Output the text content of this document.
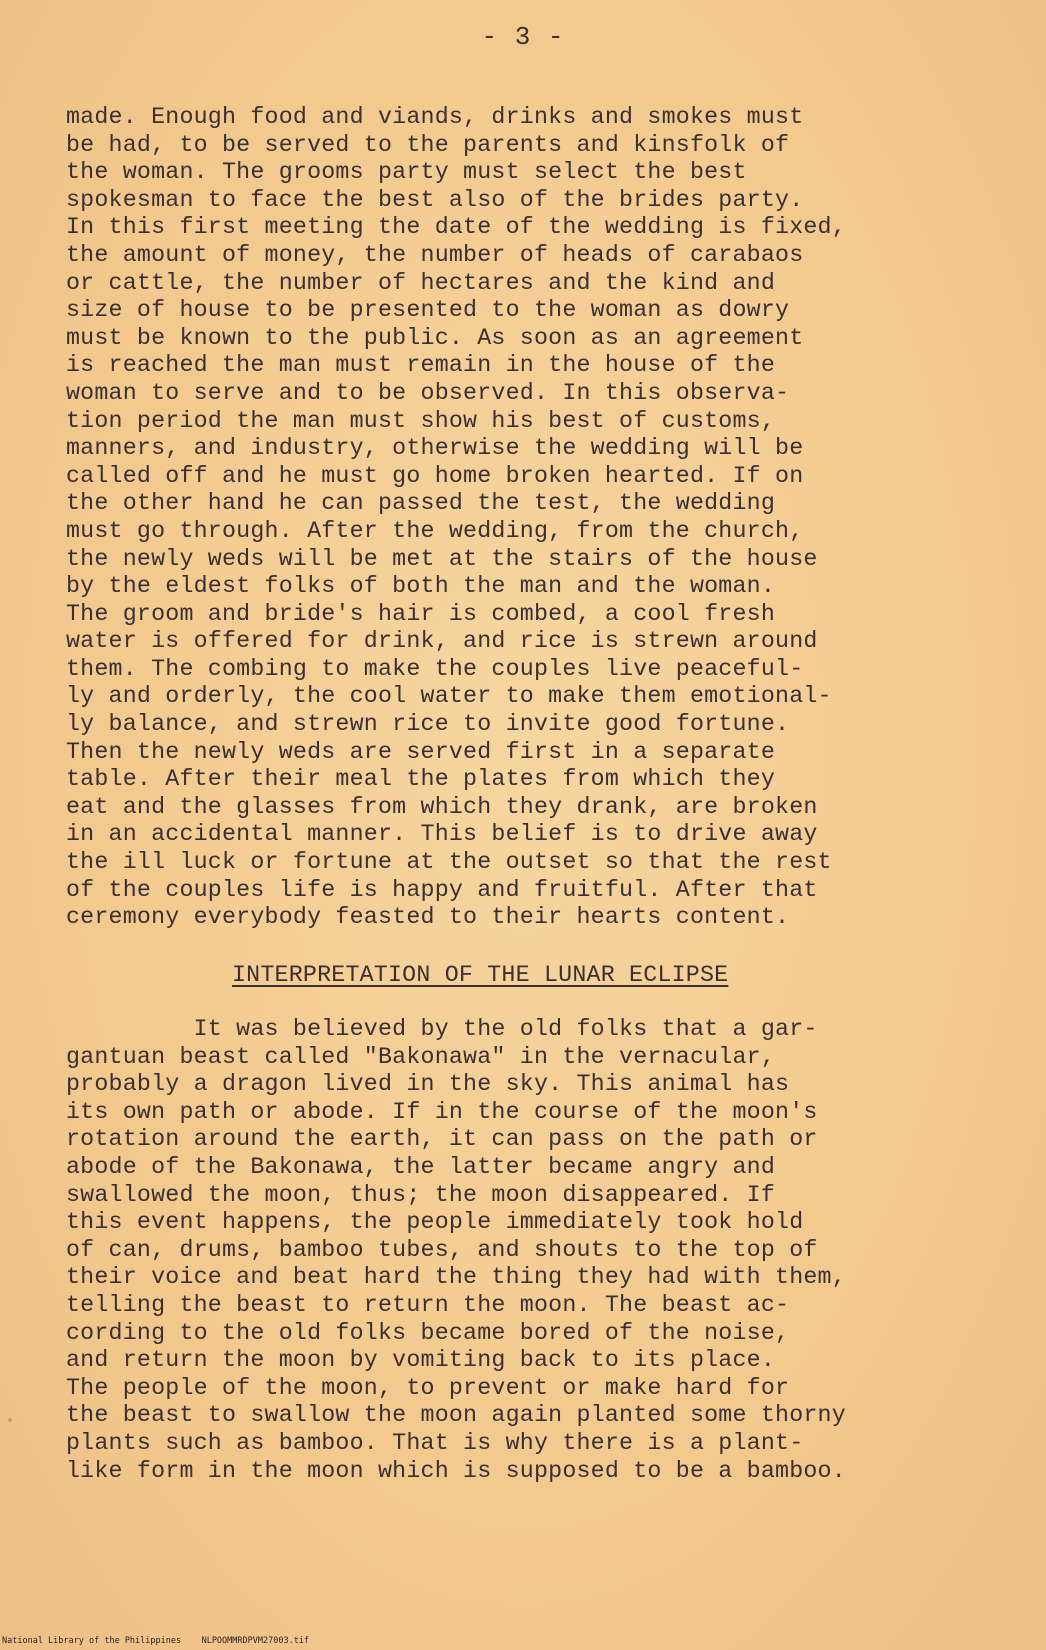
- 3 -
made. Enough food and viands, drinks and smokes must
be had, to be served to the parents and kinsfolk of
the woman. The grooms party must select the best
spokesman to face the best also of the brides party.
In this first meeting the date of the wedding is fixed,
the amount of money, the number of heads of carabaos
or cattle, the number of hectares and the kind and
size of house to be presented to the woman as dowry
must be known to the public. As soon as an agreement
is reached the man must remain in the house of the
woman to serve and to be observed. In this observa-
tion period the man must show his best of customs,
manners, and industry, otherwise the wedding will be
called off and he must go home broken hearted. If on
the other hand he can passed the test, the wedding
must go through. After the wedding, from the church,
the newly weds will be met at the stairs of the house
by the eldest folks of both the man and the woman.
The groom and bride's hair is combed, a cool fresh
water is offered for drink, and rice is strewn around
them. The combing to make the couples live peaceful-
ly and orderly, the cool water to make them emotional-
ly balance, and strewn rice to invite good fortune.
Then the newly weds are served first in a separate
table. After their meal the plates from which they
eat and the glasses from which they drank, are broken
in an accidental manner. This belief is to drive away
the ill luck or fortune at the outset so that the rest
of the couples life is happy and fruitful. After that
ceremony everybody feasted to their hearts content.
INTERPRETATION OF THE LUNAR ECLIPSE
It was believed by the old folks that a gar-
gantuan beast called "Bakonawa" in the vernacular,
probably a dragon lived in the sky. This animal has
its own path or abode. If in the course of the moon's
rotation around the earth, it can pass on the path or
abode of the Bakonawa, the latter became angry and
swallowed the moon, thus; the moon disappeared. If
this event happens, the people immediately took hold
of can, drums, bamboo tubes, and shouts to the top of
their voice and beat hard the thing they had with them,
telling the beast to return the moon. The beast ac-
cording to the old folks became bored of the noise,
and return the moon by vomiting back to its place.
The people of the moon, to prevent or make hard for
the beast to swallow the moon again planted some thorny
plants such as bamboo. That is why there is a plant-
like form in the moon which is supposed to be a bamboo.
National Library of the Philippines    NLPOOMMRDPVM27003.tif
